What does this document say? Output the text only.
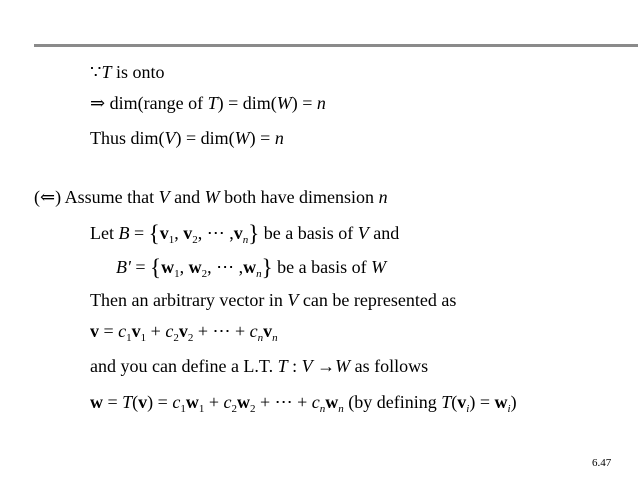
∵T is onto
⇒ dim(range of T) = dim(W) = n
Thus dim(V) = dim(W) = n
(⇐) Assume that V and W both have dimension n
Let $B = \{v_1$, $v_2$, ⋯ $,v_n$} be a basis of V and
$B' = \{w_1$, $w_2$, ⋯ $,w_n$} be a basis of W
Then an arbitrary vector in V can be represented as
$v = c_1v_1 + c_2v_2$ + ⋯ + $c_nv_n$
and you can define a L.T. T : V →W as follows
$w = T(v) = c_1w_1 + c_2w_2$ + ⋯ + $c_nw_n$ (by defining $T(v_i) = w_i$)
6.47
